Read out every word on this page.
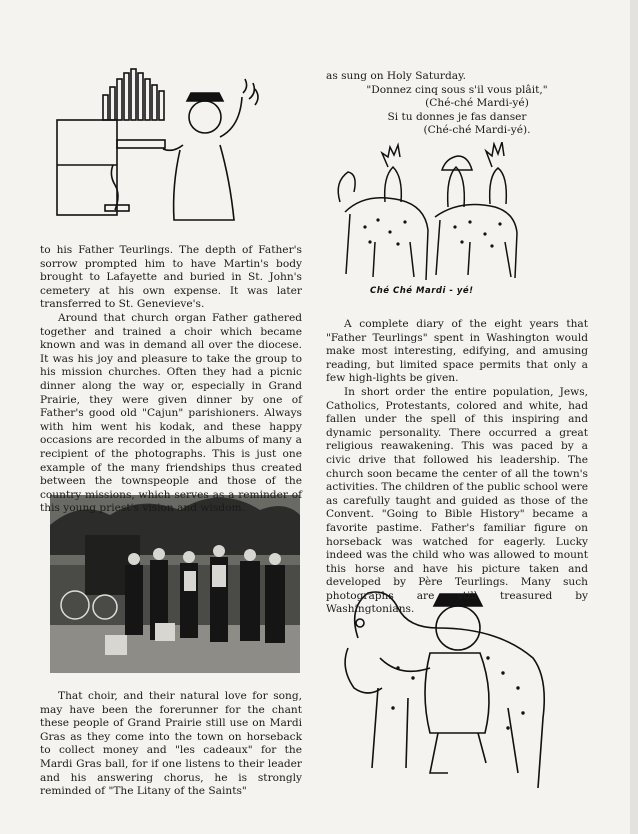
Ché Ché Mardi - yé!

to his Father Teurlings. The depth of Father's sorrow prompted him to have Martin's body brought to Lafayette and buried in St. John's cemetery at his own expense. It was later transferred to St. Genevieve's.

Around that church organ Father gathered together and trained a choir which became known and was in demand all over the diocese. It was his joy and pleasure to take the group to his mission churches. Often they had a picnic dinner along the way or, especially in Grand Prairie, they were given dinner by one of Father's good old "Cajun" parishioners. Always with him went his kodak, and these happy occasions are recorded in the albums of many a recipient of the photographs. This is just one example of the many friendships thus created between the townspeople and those of the country missions, which serves as a reminder of this young priest's vision and wisdom.

That choir, and their natural love for song, may have been the forerunner for the chant these people of Grand Prairie still use on Mardi Gras as they come into the town on horseback to collect money and "les cadeaux" for the Mardi Gras ball, for if one listens to their leader and his answering chorus, he is strongly reminded of "The Litany of the Saints"

as sung on Holy Saturday.

"Donnez cinq sous s'il vous plâit,"
(Ché-ché Mardi-yé)
Si tu donnes je fas danser
(Ché-ché Mardi-yé).

A complete diary of the eight years that "Father Teurlings" spent in Washington would make most interesting, edifying, and amusing reading, but limited space permits that only a few high-lights be given.

In short order the entire population, Jews, Catholics, Protestants, colored and white, had fallen under the spell of this inspiring and dynamic personality. There occurred a great religious reawakening. This was paced by a civic drive that followed his leadership. The church soon became the center of all the town's activities. The children of the public school were as carefully taught and guided as those of the Convent. "Going to Bible History" became a favorite pastime. Father's familiar figure on horseback was watched for eagerly. Lucky indeed was the child who was allowed to mount this horse and have his picture taken and developed by Père Teurlings. Many such photographs are still treasured by Washingtonians.
